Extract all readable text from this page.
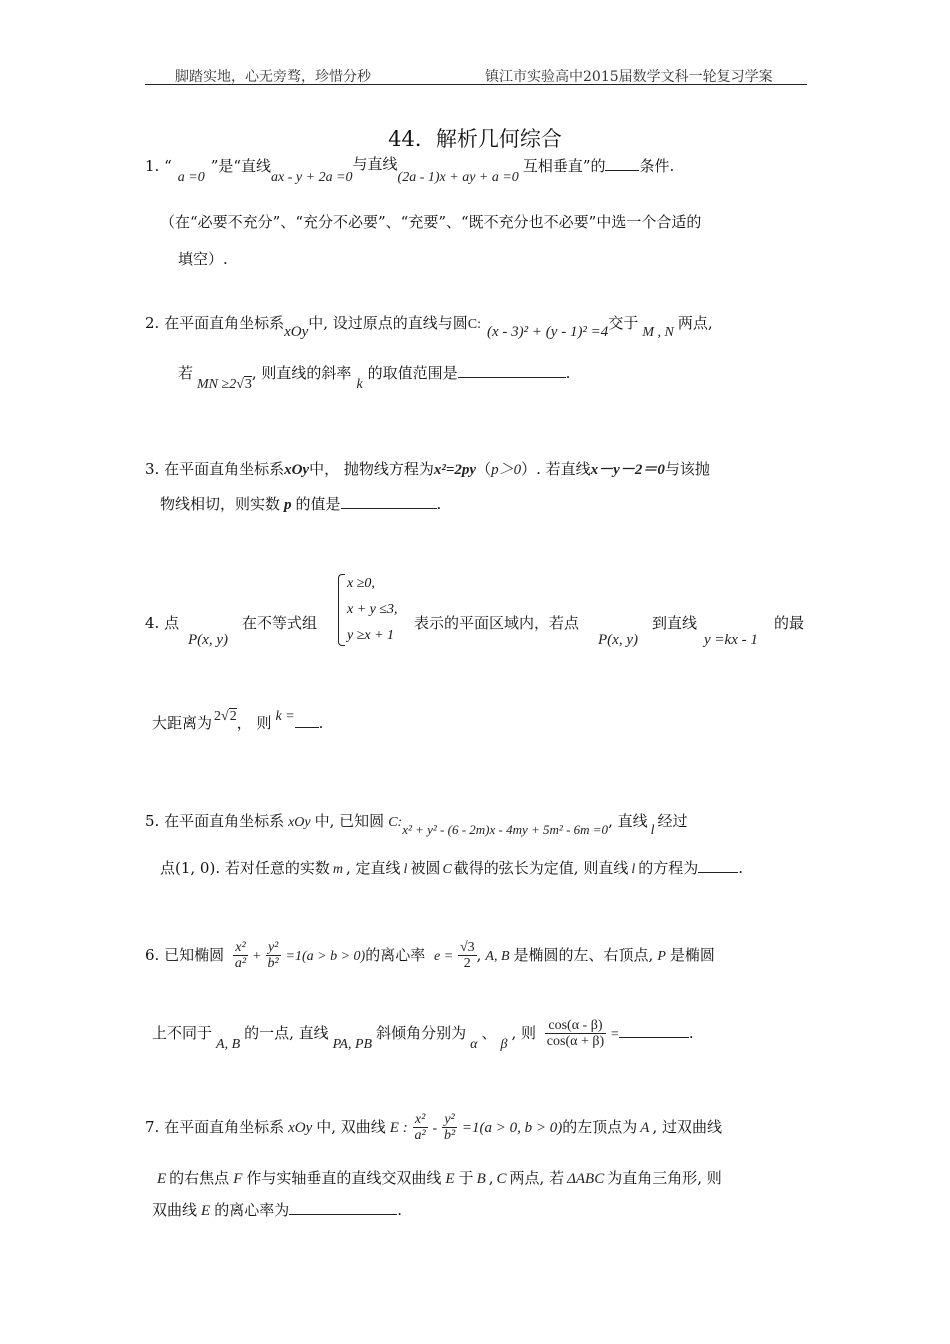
脚踏实地，心无旁骛，珍惜分秒	镇江市实验高中2015届数学文科一轮复习学案
44．解析几何综合
1. “a =0”是“直线ax - y + 2a =0与直线(2a - 1)x + ay + a =0互相垂直”的 条件.
（在“必要不充分”、“充分不必要”、“充要”、“既不充分也不必要”中选一个合适的
填空）.
2. 在平面直角坐标系xOy中, 设过原点的直线与圆C: (x - 3)² + (y - 1)² =4交于M , N两点,
若MN ≥2√3, 则直线的斜率k的取值范围是	.
3. 在平面直角坐标系xOy中， 抛物线方程为x²=2py（p＞0）. 若直线x－y－2＝0与该抛
物线相切，则实数 p 的值是	.
4. 点
P(x, y)
在不等式组
x ≥0,
x + y ≤3,
y ≥x + 1
表示的平面区域内，若点
P(x, y)
到直线
y =kx - 1
的最
大距离为 2√2， 则 k = .
5. 在平面直角坐标系 xOy 中, 已知圆 C:x² + y² - (6 - 2m)x - 4my + 5m² - 6m =0, 直线l经过
点(1, 0). 若对任意的实数 m , 定直线 l 被圆 C 截得的弦长为定值, 则直线 l 的方程为	.
6. 已知椭圆 $\frac{\text{x²}}{\text{a²}} + \frac{\text{y²}}{\text{b²}} =1(a > b > 0)$的离心率 $e = \frac{√3}{2}$ , A, B 是椭圆的左、右顶点, P 是椭圆
上不同于A, B的一点, 直线PA, PB斜倾角分别为α、β, 则 $\frac{\cos(\alpha - \beta)}{\cos(\alpha + \beta)}$ =	.
7. 在平面直角坐标系 xOy 中, 双曲线 E : $\frac{\text{x²}}{\text{a²}} - \frac{\text{y²}}{\text{b²}} =1(a > 0$, b > 0)的左顶点为 A , 过双曲线
E 的右焦点 F 作与实轴垂直的直线交双曲线 E 于 B , C 两点, 若 ΔABC 为直角三角形, 则
双曲线 E 的离心率为	.
